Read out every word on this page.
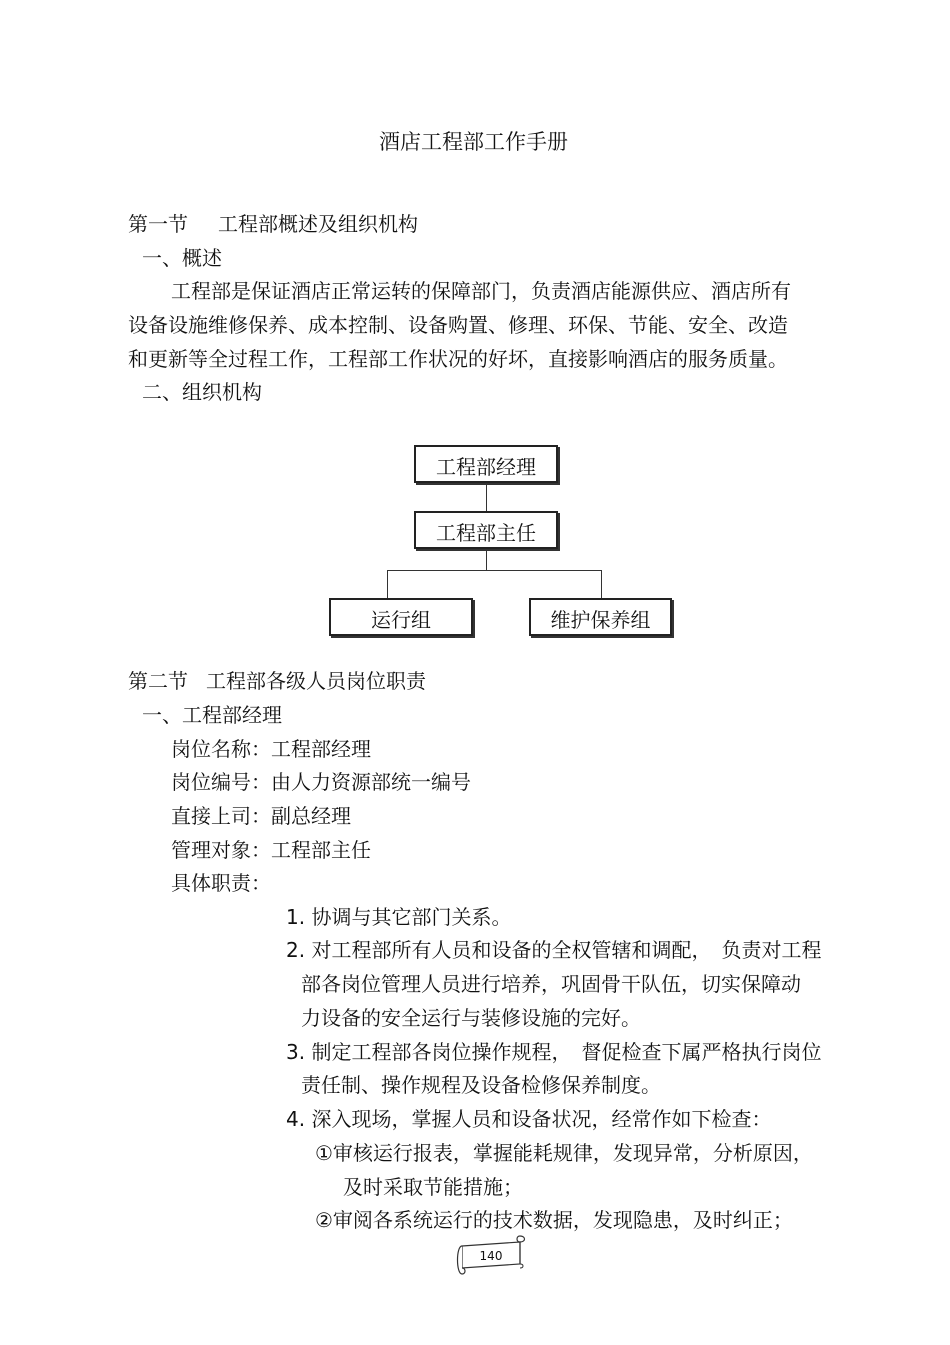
酒店工程部工作手册
第一节 工程部概述及组织机构
一、概述
工程部是保证酒店正常运转的保障部门，负责酒店能源供应、酒店所有
设备设施维修保养、成本控制、设备购置、修理、环保、节能、安全、改造
和更新等全过程工作，工程部工作状况的好坏，直接影响酒店的服务质量。
二、组织机构
工程部经理
工程部主任
运行组	维护保养组
第二节 工程部各级人员岗位职责
一、工程部经理
岗位名称：工程部经理
岗位编号：由人力资源部统一编号
直接上司：副总经理
管理对象：工程部主任
具体职责：
1. 协调与其它部门关系。
2. 对工程部所有人员和设备的全权管辖和调配，　负责对工程
部各岗位管理人员进行培养，巩固骨干队伍，切实保障动
力设备的安全运行与装修设施的完好。
3. 制定工程部各岗位操作规程，　督促检查下属严格执行岗位
责任制、操作规程及设备检修保养制度。
4. 深入现场，掌握人员和设备状况，经常作如下检查：
①审核运行报表，掌握能耗规律，发现异常，分析原因，
及时采取节能措施；
②审阅各系统运行的技术数据，发现隐患，及时纠正；
140
